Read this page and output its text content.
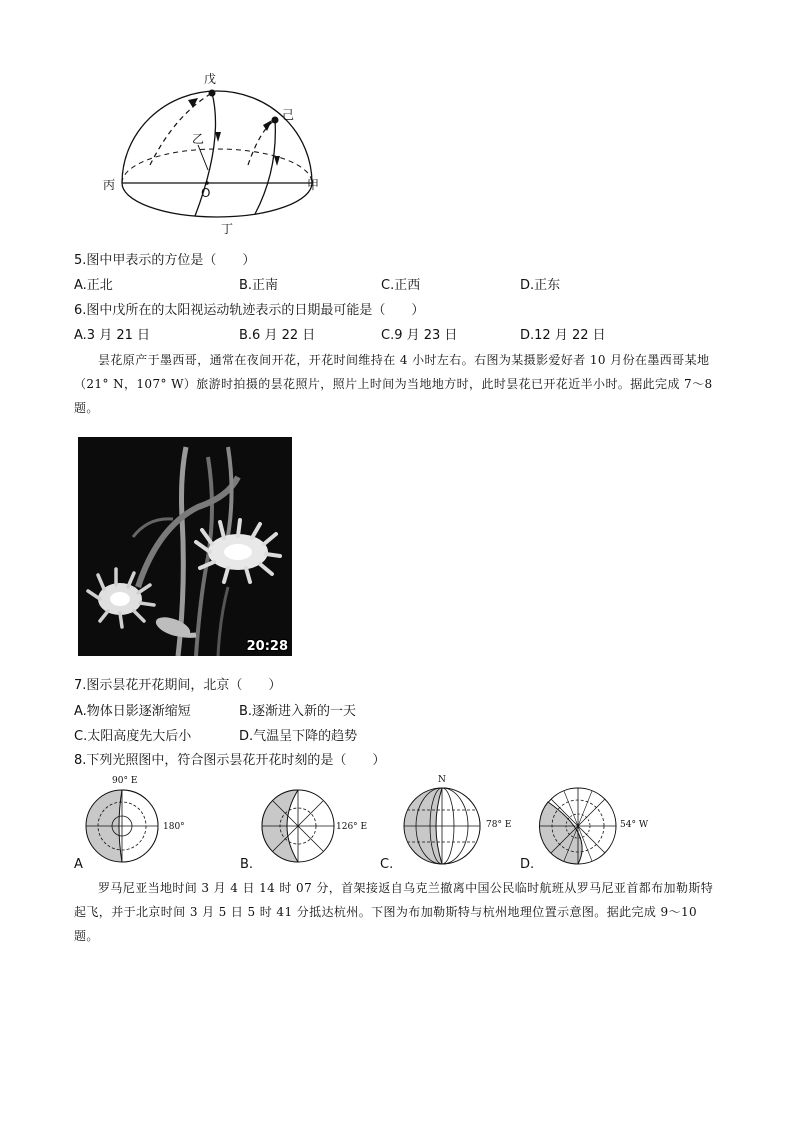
戊
己
乙
丙	甲
O
丁
5.图中甲表示的方位是（　　）
A.正北	B.正南	C.正西	D.正东
6.图中戊所在的太阳视运动轨迹表示的日期最可能是（　　）
A.3 月 21 日	B.6 月 22 日	C.9 月 23 日	D.12 月 22 日
昙花原产于墨西哥，通常在夜间开花，开花时间维持在 4 小时左右。右图为某摄影爱好者 10 月份在墨西哥某地（21° N，107° W）旅游时拍摄的昙花照片，照片上时间为当地地方时，此时昙花已开花近半小时。据此完成 7～8 题。
20:28
7.图示昙花开花期间，北京（　　）
A.物体日影逐渐缩短	B.逐渐进入新的一天
C.太阳高度先大后小	D.气温呈下降的趋势
8.下列光照图中，符合图示昙花开花时刻的是（　　）
90° E
180°
A
126° E
B.
N
78° E
C.
54° W
D.
罗马尼亚当地时间 3 月 4 日 14 时 07 分，首架接返自乌克兰撤离中国公民临时航班从罗马尼亚首都布加勒斯特起飞，并于北京时间 3 月 5 日 5 时 41 分抵达杭州。下图为布加勒斯特与杭州地理位置示意图。据此完成 9～10 题。
